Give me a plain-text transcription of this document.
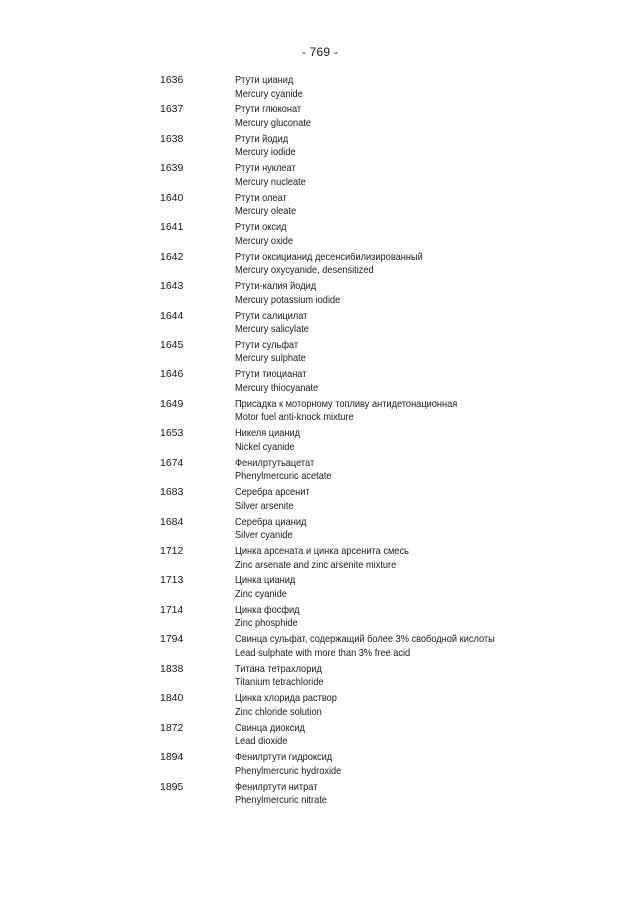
- 769 -
1636	Ртути цианид
Mercury cyanide
1637	Ртути глюконат
Mercury gluconate
1638	Ртути йодид
Mercury iodide
1639	Ртути нуклеат
Mercury nucleate
1640	Ртути олеат
Mercury oleate
1641	Ртути оксид
Mercury oxide
1642	Ртути оксицианид десенсибилизированный
Mercury oxycyanide, desensitized
1643	Ртути-калия йодид
Mercury potassium iodide
1644	Ртути салицилат
Mercury salicylate
1645	Ртути сульфат
Mercury sulphate
1646	Ртути тиоцианат
Mercury thiocyanate
1649	Присадка к моторному топливу антидетонационная
Motor fuel anti-knock mixture
1653	Никеля цианид
Nickel cyanide
1674	Фенилртутьацетат
Phenylmercuric acetate
1683	Серебра арсенит
Silver arsenite
1684	Серебра цианид
Silver cyanide
1712	Цинка арсената и цинка арсенита смесь
Zinc arsenate and zinc arsenite mixture
1713	Цинка цианид
Zinc cyanide
1714	Цинка фосфид
Zinc phosphide
1794	Свинца сульфат, содержащий более 3% свободной кислоты
Lead sulphate with more than 3% free acid
1838	Титана тетрахлорид
Titanium tetrachloride
1840	Цинка хлорида раствор
Zinc chloride solution
1872	Свинца диоксид
Lead dioxide
1894	Фенилртути гидроксид
Phenylmercuric hydroxide
1895	Фенилртути нитрат
Phenylmercuric nitrate
